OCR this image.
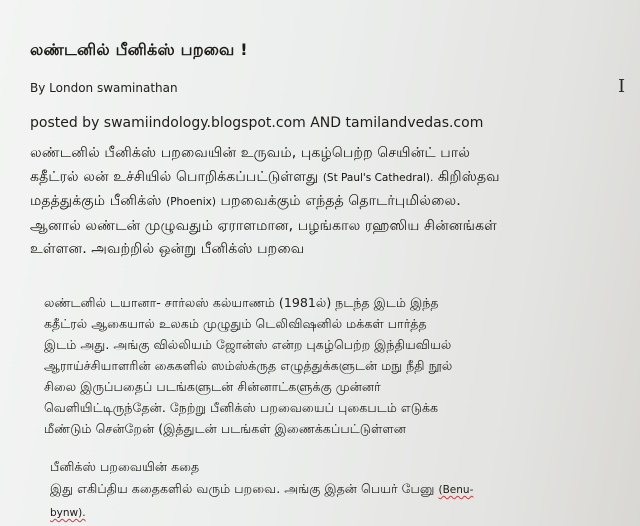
லண்டனில் பீனிக்ஸ் பறவை !
By London swaminathan
posted by swamiindology.blogspot.com AND tamilandvedas.com
I

லண்டனில் பீனிக்ஸ் பறவையின் உருவம், புகழ்பெற்ற செயின்ட் பால்
கதீட்ரல் லன் உச்சியில் பொறிக்கப்பட்டுள்ளது (St Paul's Cathedral). கிறிஸ்தவ
மதத்துக்கும் பீனிக்ஸ் (Phoenix) பறவைக்கும் எந்தத் தொடர்புமில்லை.
ஆனால் லண்டன் முழுவதும் ஏராளமான, பழங்கால ரஹஸிய சின்னங்கள்
உள்ளன. அவற்றில் ஒன்று பீனிக்ஸ் பறவை

லண்டனில் டயானா- சார்லஸ் கல்யாணம் (1981ல்) நடந்த இடம் இந்த
கதீட்ரல் ஆகையால் உலகம் முழுதும் டெலிவிஷனில் மக்கள் பார்த்த
இடம் அது. அங்கு வில்லியம் ஜோன்ஸ் என்ற புகழ்பெற்ற இந்தியவியல்
ஆராய்ச்சியாளரின் கைகளில் ஸம்ஸ்க்ருத எழுத்துக்களுடன் மநு நீதி நூல்
சிலை இருப்பதைப் படங்களுடன் சின்னாட்களுக்கு முன்னர்
வெளியிட்டிருந்தேன். நேற்று பீனிக்ஸ் பறவையைப் புகைபடம் எடுக்க
மீண்டும் சென்றேன் (இத்துடன் படங்கள் இணைக்கப்பட்டுள்ளன

பீனிக்ஸ் பறவையின் கதை

இது எகிப்திய கதைகளில் வரும் பறவை. அங்கு இதன் பெயர் பேனு (Benu-
bynw).
